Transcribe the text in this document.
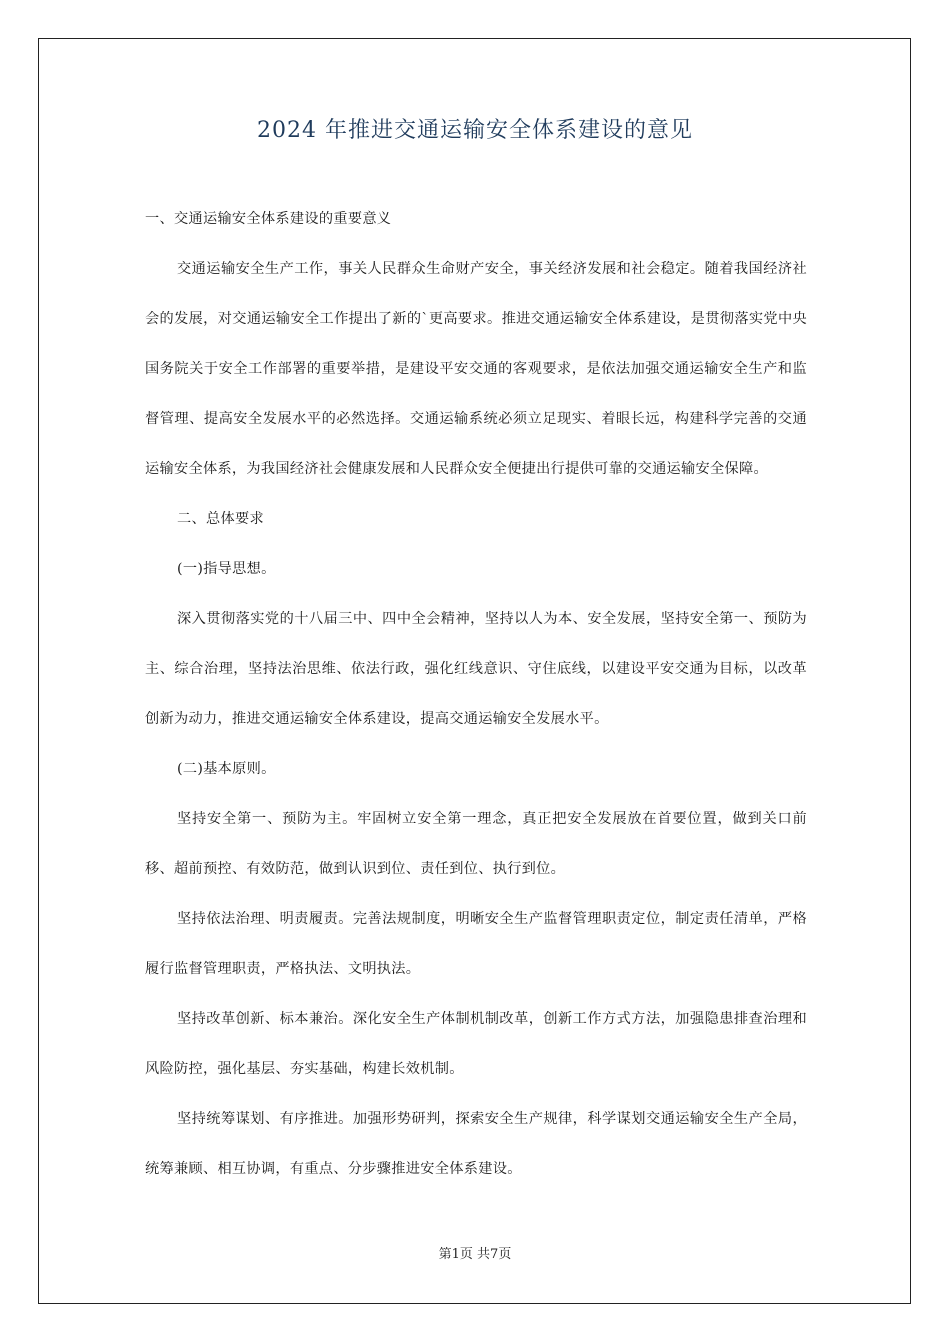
2024 年推进交通运输安全体系建设的意见

一、交通运输安全体系建设的重要意义

交通运输安全生产工作，事关人民群众生命财产安全，事关经济发展和社会稳定。随着我国经济社会的发展，对交通运输安全工作提出了新的`更高要求。推进交通运输安全体系建设，是贯彻落实党中央国务院关于安全工作部署的重要举措，是建设平安交通的客观要求，是依法加强交通运输安全生产和监督管理、提高安全发展水平的必然选择。交通运输系统必须立足现实、着眼长远，构建科学完善的交通运输安全体系，为我国经济社会健康发展和人民群众安全便捷出行提供可靠的交通运输安全保障。

二、总体要求

(一)指导思想。

深入贯彻落实党的十八届三中、四中全会精神，坚持以人为本、安全发展，坚持安全第一、预防为主、综合治理，坚持法治思维、依法行政，强化红线意识、守住底线，以建设平安交通为目标，以改革创新为动力，推进交通运输安全体系建设，提高交通运输安全发展水平。

(二)基本原则。

坚持安全第一、预防为主。牢固树立安全第一理念，真正把安全发展放在首要位置，做到关口前移、超前预控、有效防范，做到认识到位、责任到位、执行到位。

坚持依法治理、明责履责。完善法规制度，明晰安全生产监督管理职责定位，制定责任清单，严格履行监督管理职责，严格执法、文明执法。

坚持改革创新、标本兼治。深化安全生产体制机制改革，创新工作方式方法，加强隐患排查治理和风险防控，强化基层、夯实基础，构建长效机制。

坚持统筹谋划、有序推进。加强形势研判，探索安全生产规律，科学谋划交通运输安全生产全局，统筹兼顾、相互协调，有重点、分步骤推进安全体系建设。

第1页 共7页
